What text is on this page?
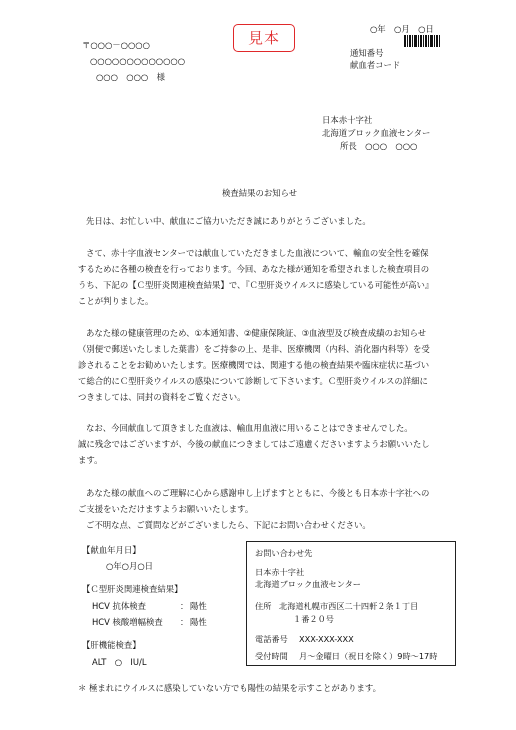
見本	○年　○月　○日
通知番号
献血者コード
〒○○○－○○○○
○○○○○○○○○○○○○
○○○　○○○　様
日本赤十字社
北海道ブロック血液センター
所長　○○○　○○○
検査結果のお知らせ

先日は、お忙しい中、献血にご協力いただき誠にありがとうございました。

さて、赤十字血液センターでは献血していただきました血液について、輸血の安全性を確保

するために各種の検査を行っております。今回、あなた様が通知を希望されました検査項目の

うち、下記の【Ｃ型肝炎関連検査結果】で、『Ｃ型肝炎ウイルスに感染している可能性が高い』

ことが判りました。

あなた様の健康管理のため、①本通知書、②健康保険証、③血液型及び検査成績のお知らせ

（別便で郵送いたしました葉書）をご持参の上、是非、医療機関（内科、消化器内科等）を受

診されることをお勧めいたします。医療機関では、関連する他の検査結果や臨床症状に基づい

て総合的にＣ型肝炎ウイルスの感染について診断して下さいます。Ｃ型肝炎ウイルスの詳細に

つきましては、同封の資料をご覧ください。

なお、今回献血して頂きました血液は、輸血用血液に用いることはできませんでした。

誠に残念ではございますが、今後の献血につきましてはご遠慮くださいますようお願いいたし

ます。

あなた様の献血へのご理解に心から感謝申し上げますとともに、今後とも日本赤十字社への

ご支援をいただけますようお願いいたします。

ご不明な点、ご質問などがございましたら、下記にお問い合わせください。

【献血年月日】
○年○月○日
【Ｃ型肝炎関連検査結果】
HCV 抗体検査	： 陽性
HCV 核酸増幅検査 ： 陽性
【肝機能検査】
ALT　○　IU/L
お問い合わせ先
日本赤十字社
北海道ブロック血液センター
住所 北海道札幌市西区二十四軒２条１丁目
１番２０号
電話番号 XXX-XXX-XXX
受付時間 月～金曜日（祝日を除く）9時～17時
＊ 極まれにウイルスに感染していない方でも陽性の結果を示すことがあります。
